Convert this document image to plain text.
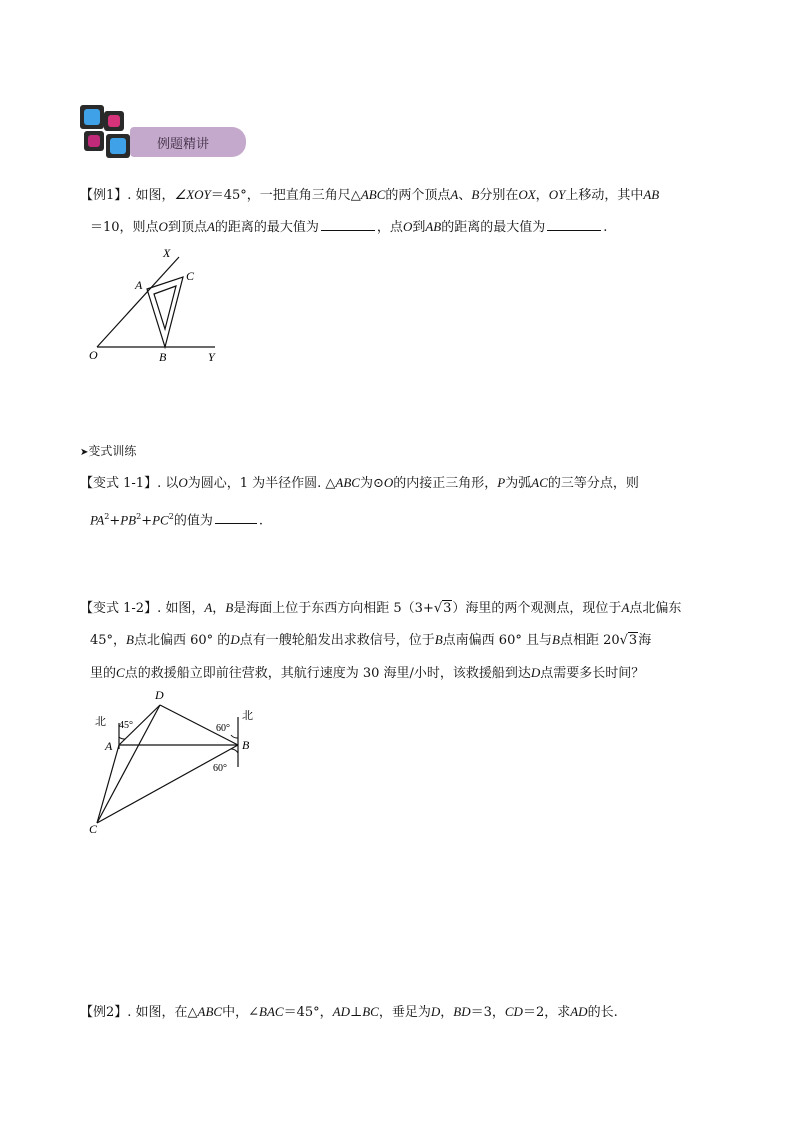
例题精讲
【例1】. 如图，∠XOY＝45°，一把直角三角尺△ABC的两个顶点A、B分别在OX，OY上移动，其中AB
＝10，则点O到顶点A的距离的最大值为	，点O到AB的距离的最大值为	.
X
A
C
O	B	Y
➤变式训练
【变式 1-1】. 以O为圆心，1 为半径作圆. △ABC为⊙O的内接正三角形，P为弧AC的三等分点，则
$PA^2+PB^2+PC^2$的值为	.
【变式 1-2】. 如图，A，B是海面上位于东西方向相距 5（3+√3）海里的两个观测点，现位于A点北偏东
45°，B点北偏西 60° 的D点有一艘轮船发出求救信号，位于B点南偏西 60° 且与B点相距 20√3海
里的C点的救援船立即前往营救，其航行速度为 30 海里/小时，该救援船到达D点需要多长时间？
D
北 45°	60°
北
A	B
60°
C
【例2】. 如图，在△ABC中，∠BAC＝45°，AD⊥BC，垂足为D，BD＝3，CD＝2，求AD的长.
